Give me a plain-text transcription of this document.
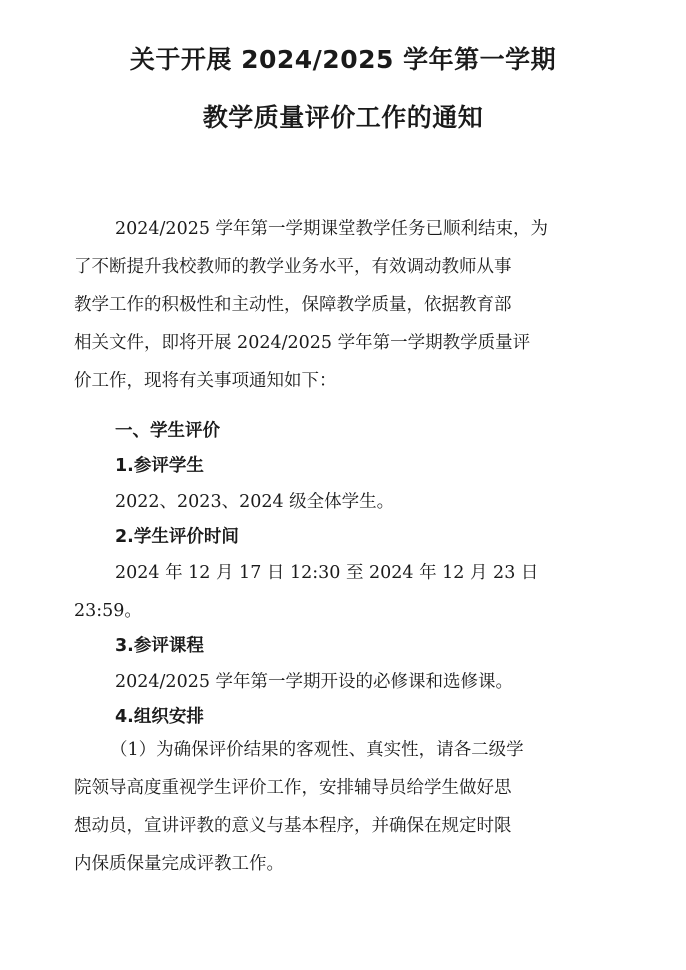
关于开展 2024/2025 学年第一学期
教学质量评价工作的通知
2024/2025 学年第一学期课堂教学任务已顺利结束，为
了不断提升我校教师的教学业务水平，有效调动教师从事
教学工作的积极性和主动性，保障教学质量，依据教育部
相关文件，即将开展 2024/2025 学年第一学期教学质量评
价工作，现将有关事项通知如下：
一、学生评价
1.参评学生
2022、2023、2024 级全体学生。
2.学生评价时间
2024 年 12 月 17 日 12:30 至 2024 年 12 月 23 日
23:59。
3.参评课程
2024/2025 学年第一学期开设的必修课和选修课。
4.组织安排
（1）为确保评价结果的客观性、真实性，请各二级学
院领导高度重视学生评价工作，安排辅导员给学生做好思
想动员，宣讲评教的意义与基本程序，并确保在规定时限
内保质保量完成评教工作。
